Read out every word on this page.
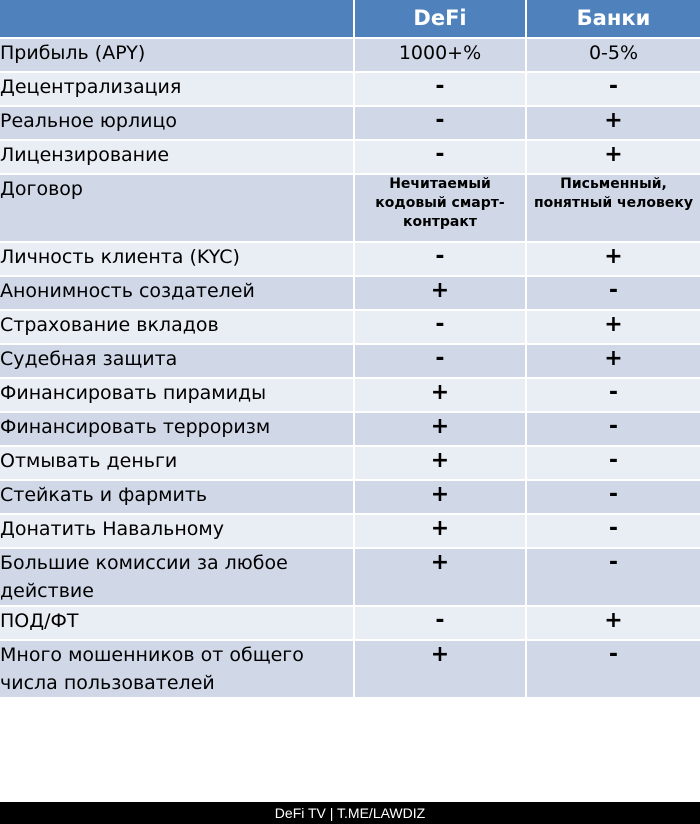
	DeFi	Банки
Прибыль (APY)	1000+%	0-5%
Децентрализация	-	-
Реальное юрлицо	-	+
Лицензирование	-	+
Договор	Нечитаемый кодовый смарт-контракт	Письменный, понятный человеку
Личность клиента (KYC)	-	+
Анонимность создателей	+	-
Страхование вкладов	-	+
Судебная защита	-	+
Финансировать пирамиды	+	-
Финансировать терроризм	+	-
Отмывать деньги	+	-
Стейкать и фармить	+	-
Донатить Навальному	+	-
Большие комиссии за любое действие	+	-
ПОД/ФТ	-	+
Много мошенников от общего числа пользователей	+	-
DeFi TV | T.ME/LAWDIZ
